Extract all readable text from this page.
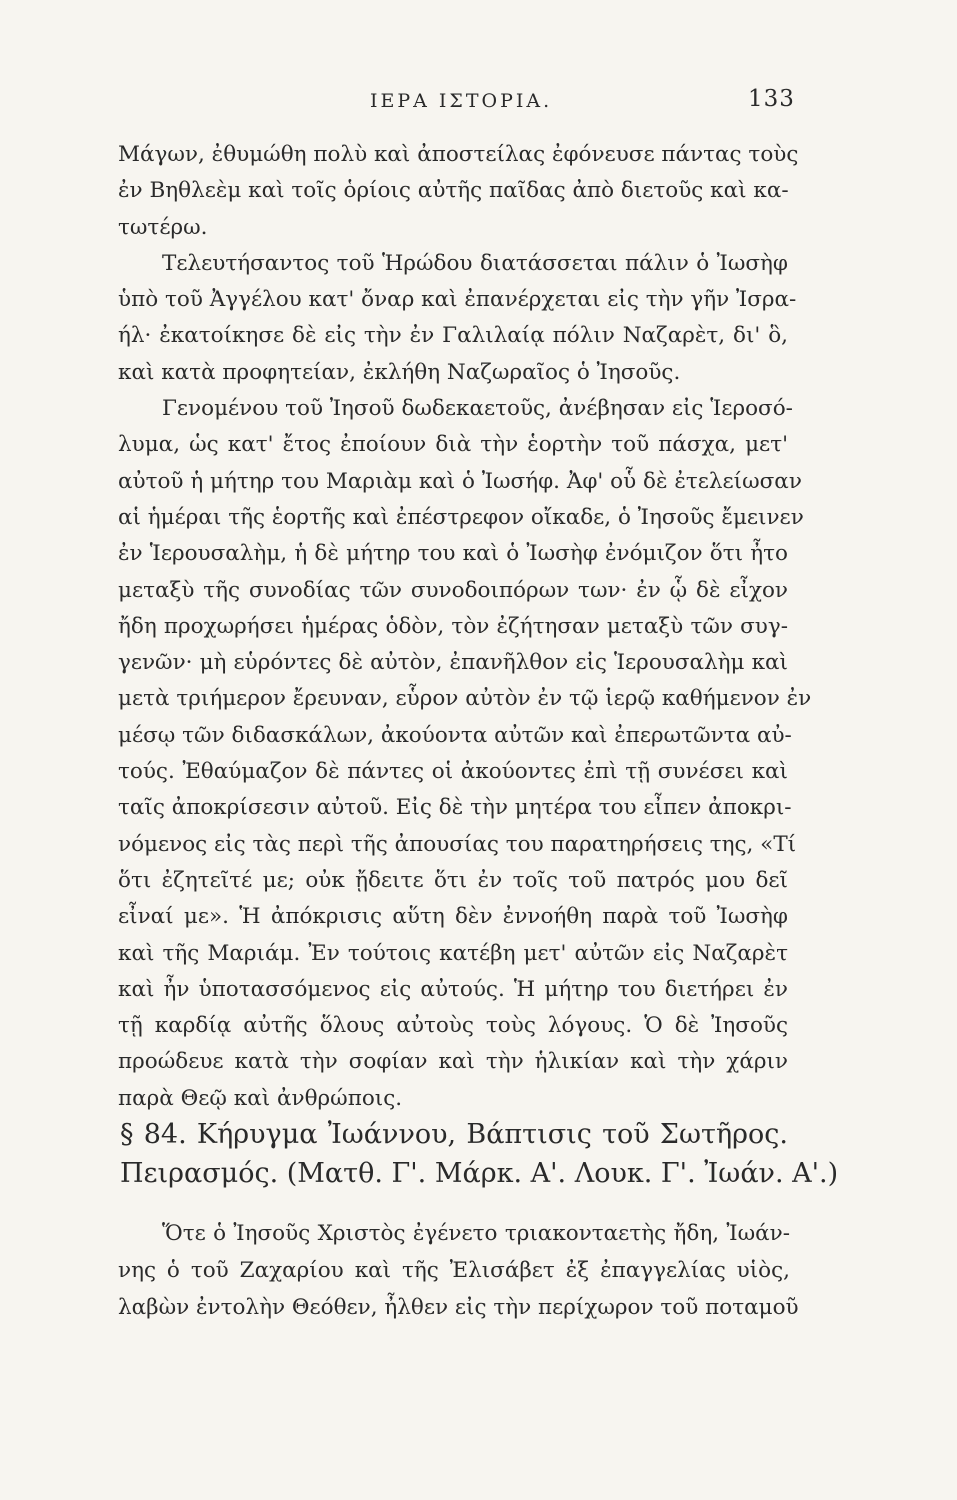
ΙΕΡΑ ΙΣΤΟΡΙΑ.	133
Μάγων, ἐθυμώθη πολὺ καὶ ἀποστείλας ἐφόνευσε πάντας τοὺς
ἐν Βηθλεὲμ καὶ τοῖς ὁρίοις αὐτῆς παῖδας ἀπὸ διετοῦς καὶ κα-
τωτέρω.
Τελευτήσαντος τοῦ Ἡρώδου διατάσσεται πάλιν ὁ Ἰωσὴφ
ὑπὸ τοῦ Ἀγγέλου κατ' ὄναρ καὶ ἐπανέρχεται εἰς τὴν γῆν Ἰσρα-
ήλ· ἐκατοίκησε δὲ εἰς τὴν ἐν Γαλιλαίᾳ πόλιν Ναζαρὲτ, δι' ὃ,
καὶ κατὰ προφητείαν, ἐκλήθη Ναζωραῖος ὁ Ἰησοῦς.
Γενομένου τοῦ Ἰησοῦ δωδεκαετοῦς, ἀνέβησαν εἰς Ἱεροσό-
λυμα, ὡς κατ' ἔτος ἐποίουν διὰ τὴν ἑορτὴν τοῦ πάσχα, μετ'
αὐτοῦ ἡ μήτηρ του Μαριὰμ καὶ ὁ Ἰωσήφ. Ἀφ' οὗ δὲ ἐτελείωσαν
αἱ ἡμέραι τῆς ἑορτῆς καὶ ἐπέστρεφον οἴκαδε, ὁ Ἰησοῦς ἔμεινεν
ἐν Ἱερουσαλὴμ, ἡ δὲ μήτηρ του καὶ ὁ Ἰωσὴφ ἐνόμιζον ὅτι ἦτο
μεταξὺ τῆς συνοδίας τῶν συνοδοιπόρων των· ἐν ᾧ δὲ εἶχον
ἤδη προχωρήσει ἡμέρας ὁδὸν, τὸν ἐζήτησαν μεταξὺ τῶν συγ-
γενῶν· μὴ εὑρόντες δὲ αὐτὸν, ἐπανῆλθον εἰς Ἱερουσαλὴμ καὶ
μετὰ τριήμερον ἔρευναν, εὗρον αὐτὸν ἐν τῷ ἱερῷ καθήμενον ἐν
μέσῳ τῶν διδασκάλων, ἀκούοντα αὐτῶν καὶ ἐπερωτῶντα αὐ-
τούς. Ἐθαύμαζον δὲ πάντες οἱ ἀκούοντες ἐπὶ τῇ συνέσει καὶ
ταῖς ἀποκρίσεσιν αὐτοῦ. Εἰς δὲ τὴν μητέρα του εἶπεν ἀποκρι-
νόμενος εἰς τὰς περὶ τῆς ἀπουσίας του παρατηρήσεις της, «Τί
ὅτι ἐζητεῖτέ με; οὐκ ᾔδειτε ὅτι ἐν τοῖς τοῦ πατρός μου δεῖ
εἶναί με». Ἡ ἀπόκρισις αὕτη δὲν ἐννοήθη παρὰ τοῦ Ἰωσὴφ
καὶ τῆς Μαριάμ. Ἐν τούτοις κατέβη μετ' αὐτῶν εἰς Ναζαρὲτ
καὶ ἦν ὑποτασσόμενος εἰς αὐτούς. Ἡ μήτηρ του διετήρει ἐν
τῇ καρδίᾳ αὐτῆς ὅλους αὐτοὺς τοὺς λόγους. Ὁ δὲ Ἰησοῦς
προώδευε κατὰ τὴν σοφίαν καὶ τὴν ἡλικίαν καὶ τὴν χάριν
παρὰ Θεῷ καὶ ἀνθρώποις.
§ 84. Κήρυγμα Ἰωάννου, Βάπτισις τοῦ Σωτῆρος.
Πειρασμός. (Ματθ. Γ'. Μάρκ. Α'. Λουκ. Γ'. Ἰωάν. Α'.)
Ὅτε ὁ Ἰησοῦς Χριστὸς ἐγένετο τριακονταετὴς ἤδη, Ἰωάν-
νης ὁ τοῦ Ζαχαρίου καὶ τῆς Ἐλισάβετ ἐξ ἐπαγγελίας υἱὸς,
λαβὼν ἐντολὴν Θεόθεν, ἦλθεν εἰς τὴν περίχωρον τοῦ ποταμοῦ
